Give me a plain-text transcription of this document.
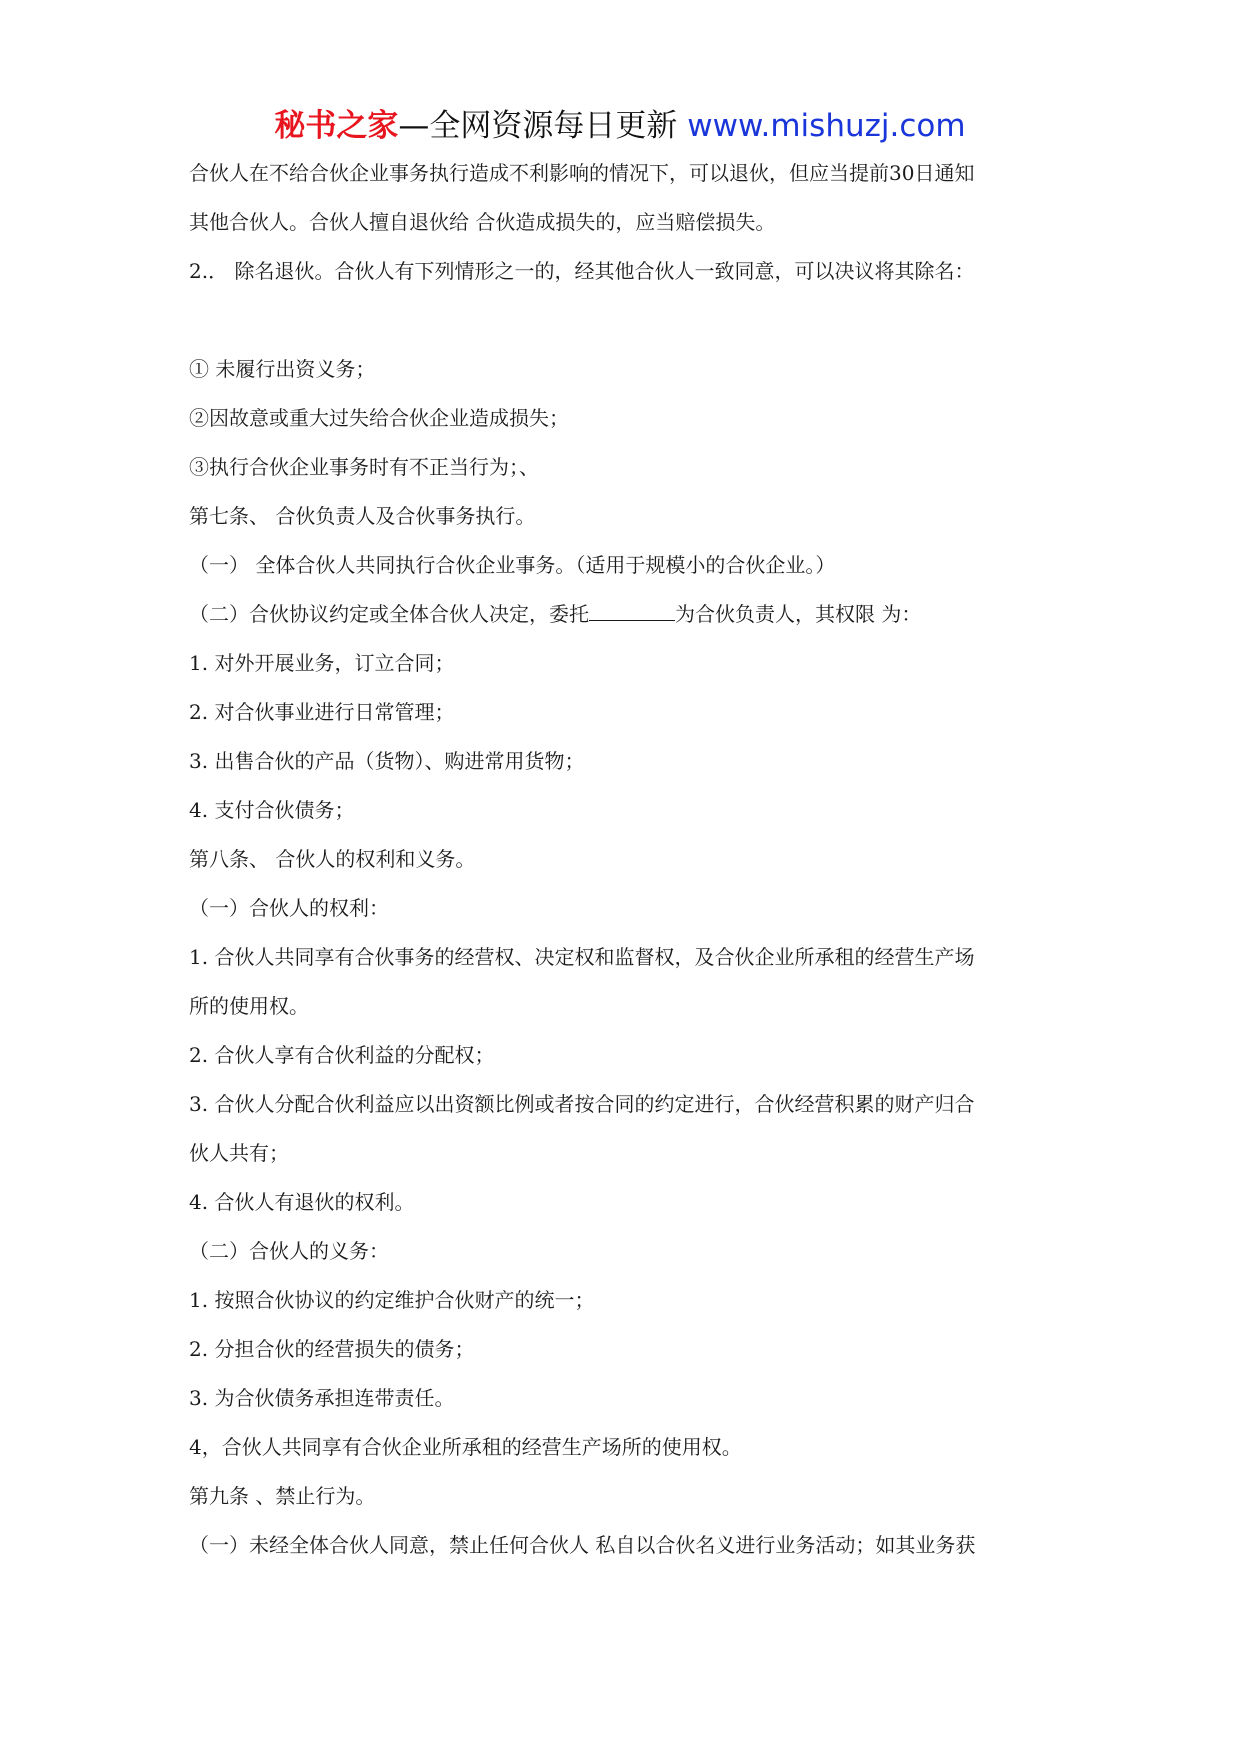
秘书之家—全网资源每日更新 www.mishuzj.com
合伙人在不给合伙企业事务执行造成不利影响的情况下，可以退伙，但应当提前30日通知
其他合伙人。合伙人擅自退伙给 合伙造成损失的，应当赔偿损失。
2.． 除名退伙。合伙人有下列情形之一的，经其他合伙人一致同意，可以决议将其除名：
① 未履行出资义务；
②因故意或重大过失给合伙企业造成损失；
③执行合伙企业事务时有不正当行为；、
第七条、 合伙负责人及合伙事务执行。
（一） 全体合伙人共同执行合伙企业事务。（适用于规模小的合伙企业。）
（二）合伙协议约定或全体合伙人决定，委托	为合伙负责人，其权限 为：
1. 对外开展业务，订立合同；
2. 对合伙事业进行日常管理；
3. 出售合伙的产品（货物）、购进常用货物；
4. 支付合伙债务；
第八条、 合伙人的权利和义务。
（一）合伙人的权利：
1. 合伙人共同享有合伙事务的经营权、决定权和监督权，及合伙企业所承租的经营生产场
所的使用权。
2. 合伙人享有合伙利益的分配权；
3. 合伙人分配合伙利益应以出资额比例或者按合同的约定进行，合伙经营积累的财产归合
伙人共有；
4. 合伙人有退伙的权利。
（二）合伙人的义务：
1. 按照合伙协议的约定维护合伙财产的统一；
2. 分担合伙的经营损失的债务；
3. 为合伙债务承担连带责任。
4，合伙人共同享有合伙企业所承租的经营生产场所的使用权。
第九条 、禁止行为。
（一）未经全体合伙人同意，禁止任何合伙人 私自以合伙名义进行业务活动；如其业务获
